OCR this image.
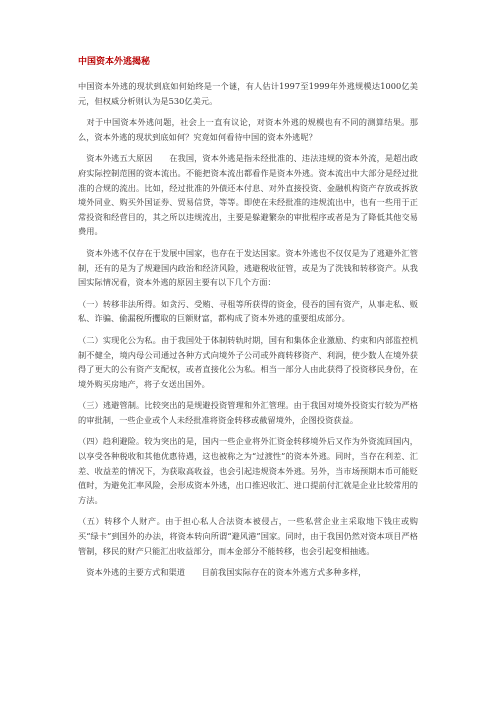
中国资本外逃揭秘

中国资本外逃的现状到底如何始终是一个谜，有人估计1997至1999年外逃规模达1000亿美元，但权威分析则认为是530亿美元。

　对于中国资本外逃问题，社会上一直有议论，对资本外逃的规模也有不同的测算结果。那么，资本外逃的现状到底如何？究竟如何看待中国的资本外逃呢？

　资本外逃五大原因　　在我国，资本外逃是指未经批准的、违法违规的资本外流，是超出政府实际控制范围的资本流出。不能把资本流出都看作是资本外逃。资本流出中大部分是经过批准的合规的流出。比如，经过批准的外债还本付息、对外直接投资、金融机构资产存放或拆放境外同业、购买外国证券、贸易信贷，等等。即使在未经批准的违规流出中，也有一些用于正常投资和经营目的，其之所以违规流出，主要是躲避繁杂的审批程序或者是为了降低其他交易费用。

　资本外逃不仅存在于发展中国家，也存在于发达国家。资本外逃也不仅仅是为了逃避外汇管制，还有的是为了规避国内政治和经济风险，逃避税收征管，或是为了洗钱和转移资产。从我国实际情况看，资本外逃的原因主要有以下几个方面：

（一）转移非法所得。如贪污、受贿、寻租等所获得的资金，侵吞的国有资产，从事走私、贩私、诈骗、偷漏税所攫取的巨额财富，都构成了资本外逃的重要组成部分。

（二）实现化公为私。由于我国处于体制转轨时期，国有和集体企业激励、约束和内部监控机制不健全，境内母公司通过各种方式向境外子公司或外商转移资产、利润，使少数人在境外获得了更大的公有资产支配权，或者直接化公为私。相当一部分人由此获得了投资移民身份，在境外购买房地产，将子女送出国外。

（三）逃避管制。比较突出的是规避投资管理和外汇管理。由于我国对境外投资实行较为严格的审批制，一些企业或个人未经批准将资金转移或截留境外，企图投资获益。

（四）趋利避险。较为突出的是，国内一些企业将外汇资金转移境外后又作为外资流回国内，以享受各种税收和其他优惠待遇，这也被称之为“过渡性”的资本外逃。同时，当存在利差、汇差、收益差的情况下，为获取高收益，也会引起违规资本外逃。另外，当市场预期本币可能贬值时，为避免汇率风险，会形成资本外逃，出口推迟收汇、进口提前付汇就是企业比较常用的方法。

（五）转移个人财产。由于担心私人合法资本被侵占，一些私营企业主采取地下钱庄或购买“绿卡”到国外的办法，将资本转向所谓“避风港”国家。同时，由于我国仍然对资本项目严格管制，移民的财产只能汇出收益部分，而本金部分不能转移，也会引起变相抽逃。

　资本外逃的主要方式和渠道　　目前我国实际存在的资本外逃方式多种多样，
